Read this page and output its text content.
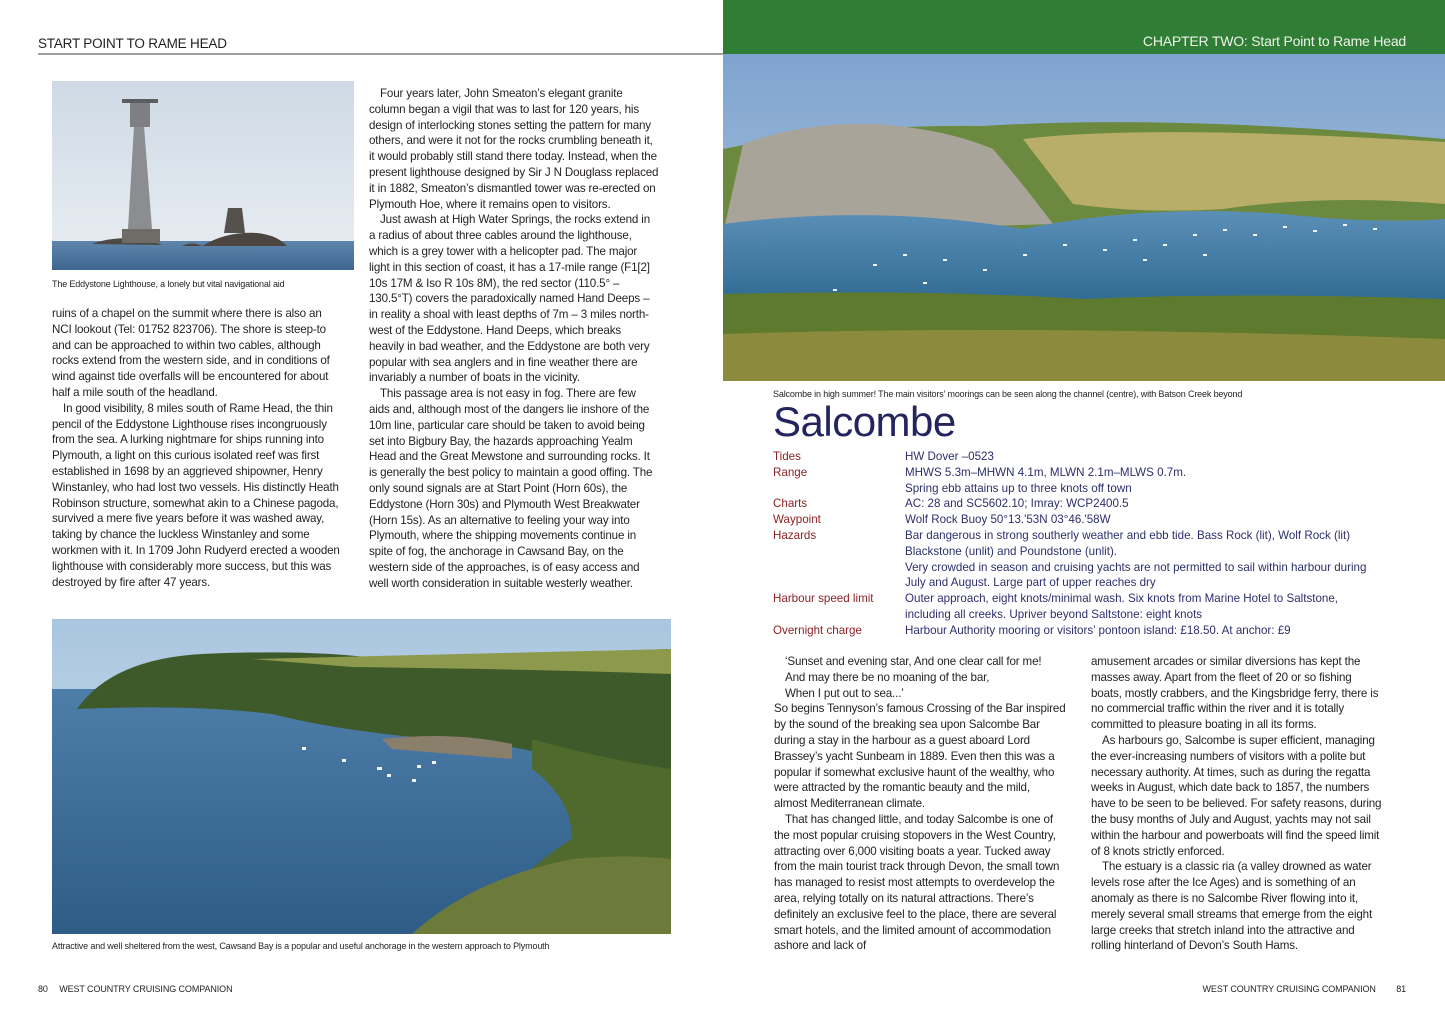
START POINT TO RAME HEAD
The Eddystone Lighthouse, a lonely but vital navigational aid

ruins of a chapel on the summit where there is also an NCI lookout (Tel: 01752 823706). The shore is steep-to and can be approached to within two cables, although rocks extend from the western side, and in conditions of wind against tide overfalls will be encountered for about half a mile south of the headland.

In good visibility, 8 miles south of Rame Head, the thin pencil of the Eddystone Lighthouse rises incongruously from the sea. A lurking nightmare for ships running into Plymouth, a light on this curious isolated reef was first established in 1698 by an aggrieved shipowner, Henry Winstanley, who had lost two vessels. His distinctly Heath Robinson structure, somewhat akin to a Chinese pagoda, survived a mere five years before it was washed away, taking by chance the luckless Winstanley and some workmen with it. In 1709 John Rudyerd erected a wooden lighthouse with considerably more success, but this was destroyed by fire after 47 years.

Four years later, John Smeaton’s elegant granite column began a vigil that was to last for 120 years, his design of interlocking stones setting the pattern for many others, and were it not for the rocks crumbling beneath it, it would probably still stand there today. Instead, when the present lighthouse designed by Sir J N Douglass replaced it in 1882, Smeaton’s dismantled tower was re-erected on Plymouth Hoe, where it remains open to visitors.

Just awash at High Water Springs, the rocks extend in a radius of about three cables around the lighthouse, which is a grey tower with a helicopter pad. The major light in this section of coast, it has a 17-mile range (F1[2] 10s 17M & Iso R 10s 8M), the red sector (110.5° – 130.5°T) covers the paradoxically named Hand Deeps – in reality a shoal with least depths of 7m – 3 miles north-west of the Eddystone. Hand Deeps, which breaks heavily in bad weather, and the Eddystone are both very popular with sea anglers and in fine weather there are invariably a number of boats in the vicinity.

This passage area is not easy in fog. There are few aids and, although most of the dangers lie inshore of the 10m line, particular care should be taken to avoid being set into Bigbury Bay, the hazards approaching Yealm Head and the Great Mewstone and surrounding rocks. It is generally the best policy to maintain a good offing. The only sound signals are at Start Point (Horn 60s), the Eddystone (Horn 30s) and Plymouth West Breakwater (Horn 15s). As an alternative to feeling your way into Plymouth, where the shipping movements continue in spite of fog, the anchorage in Cawsand Bay, on the western side of the approaches, is of easy access and well worth consideration in suitable westerly weather.

Attractive and well sheltered from the west, Cawsand Bay is a popular and useful anchorage in the western approach to Plymouth
80 WEST COUNTRY CRUISING COMPANION
CHAPTER TWO: Start Point to Rame Head
Salcombe in high summer! The main visitors’ moorings can be seen along the channel (centre), with Batson Creek beyond
Salcombe
Tides	HW Dover –0523
Range	MHWS 5.3m–MHWN 4.1m, MLWN 2.1m–MLWS 0.7m.
Spring ebb attains up to three knots off town
Charts	AC: 28 and SC5602.10; Imray: WCP2400.5
Waypoint	Wolf Rock Buoy 50°13.'53N 03°46.'58W
Hazards	Bar dangerous in strong southerly weather and ebb tide. Bass Rock (lit), Wolf Rock (lit)
Blackstone (unlit) and Poundstone (unlit).
Very crowded in season and cruising yachts are not permitted to sail within harbour during
July and August. Large part of upper reaches dry
Harbour speed limit	Outer approach, eight knots/minimal wash. Six knots from Marine Hotel to Saltstone,
including all creeks. Upriver beyond Saltstone: eight knots
Overnight charge	Harbour Authority mooring or visitors’ pontoon island: £18.50. At anchor: £9

‘Sunset and evening star, And one clear call for me!

And may there be no moaning of the bar,

When I put out to sea...’

So begins Tennyson’s famous Crossing of the Bar inspired by the sound of the breaking sea upon Salcombe Bar during a stay in the harbour as a guest aboard Lord Brassey’s yacht Sunbeam in 1889. Even then this was a popular if somewhat exclusive haunt of the wealthy, who were attracted by the romantic beauty and the mild, almost Mediterranean climate.

That has changed little, and today Salcombe is one of the most popular cruising stopovers in the West Country, attracting over 6,000 visiting boats a year. Tucked away from the main tourist track through Devon, the small town has managed to resist most attempts to overdevelop the area, relying totally on its natural attractions. There’s definitely an exclusive feel to the place, there are several smart hotels, and the limited amount of accommodation ashore and lack of

amusement arcades or similar diversions has kept the masses away. Apart from the fleet of 20 or so fishing boats, mostly crabbers, and the Kingsbridge ferry, there is no commercial traffic within the river and it is totally committed to pleasure boating in all its forms.

As harbours go, Salcombe is super efficient, managing the ever-increasing numbers of visitors with a polite but necessary authority. At times, such as during the regatta weeks in August, which date back to 1857, the numbers have to be seen to be believed. For safety reasons, during the busy months of July and August, yachts may not sail within the harbour and powerboats will find the speed limit of 8 knots strictly enforced.

The estuary is a classic ria (a valley drowned as water levels rose after the Ice Ages) and is something of an anomaly as there is no Salcombe River flowing into it, merely several small streams that emerge from the eight large creeks that stretch inland into the attractive and rolling hinterland of Devon’s South Hams.

WEST COUNTRY CRUISING COMPANION 81
